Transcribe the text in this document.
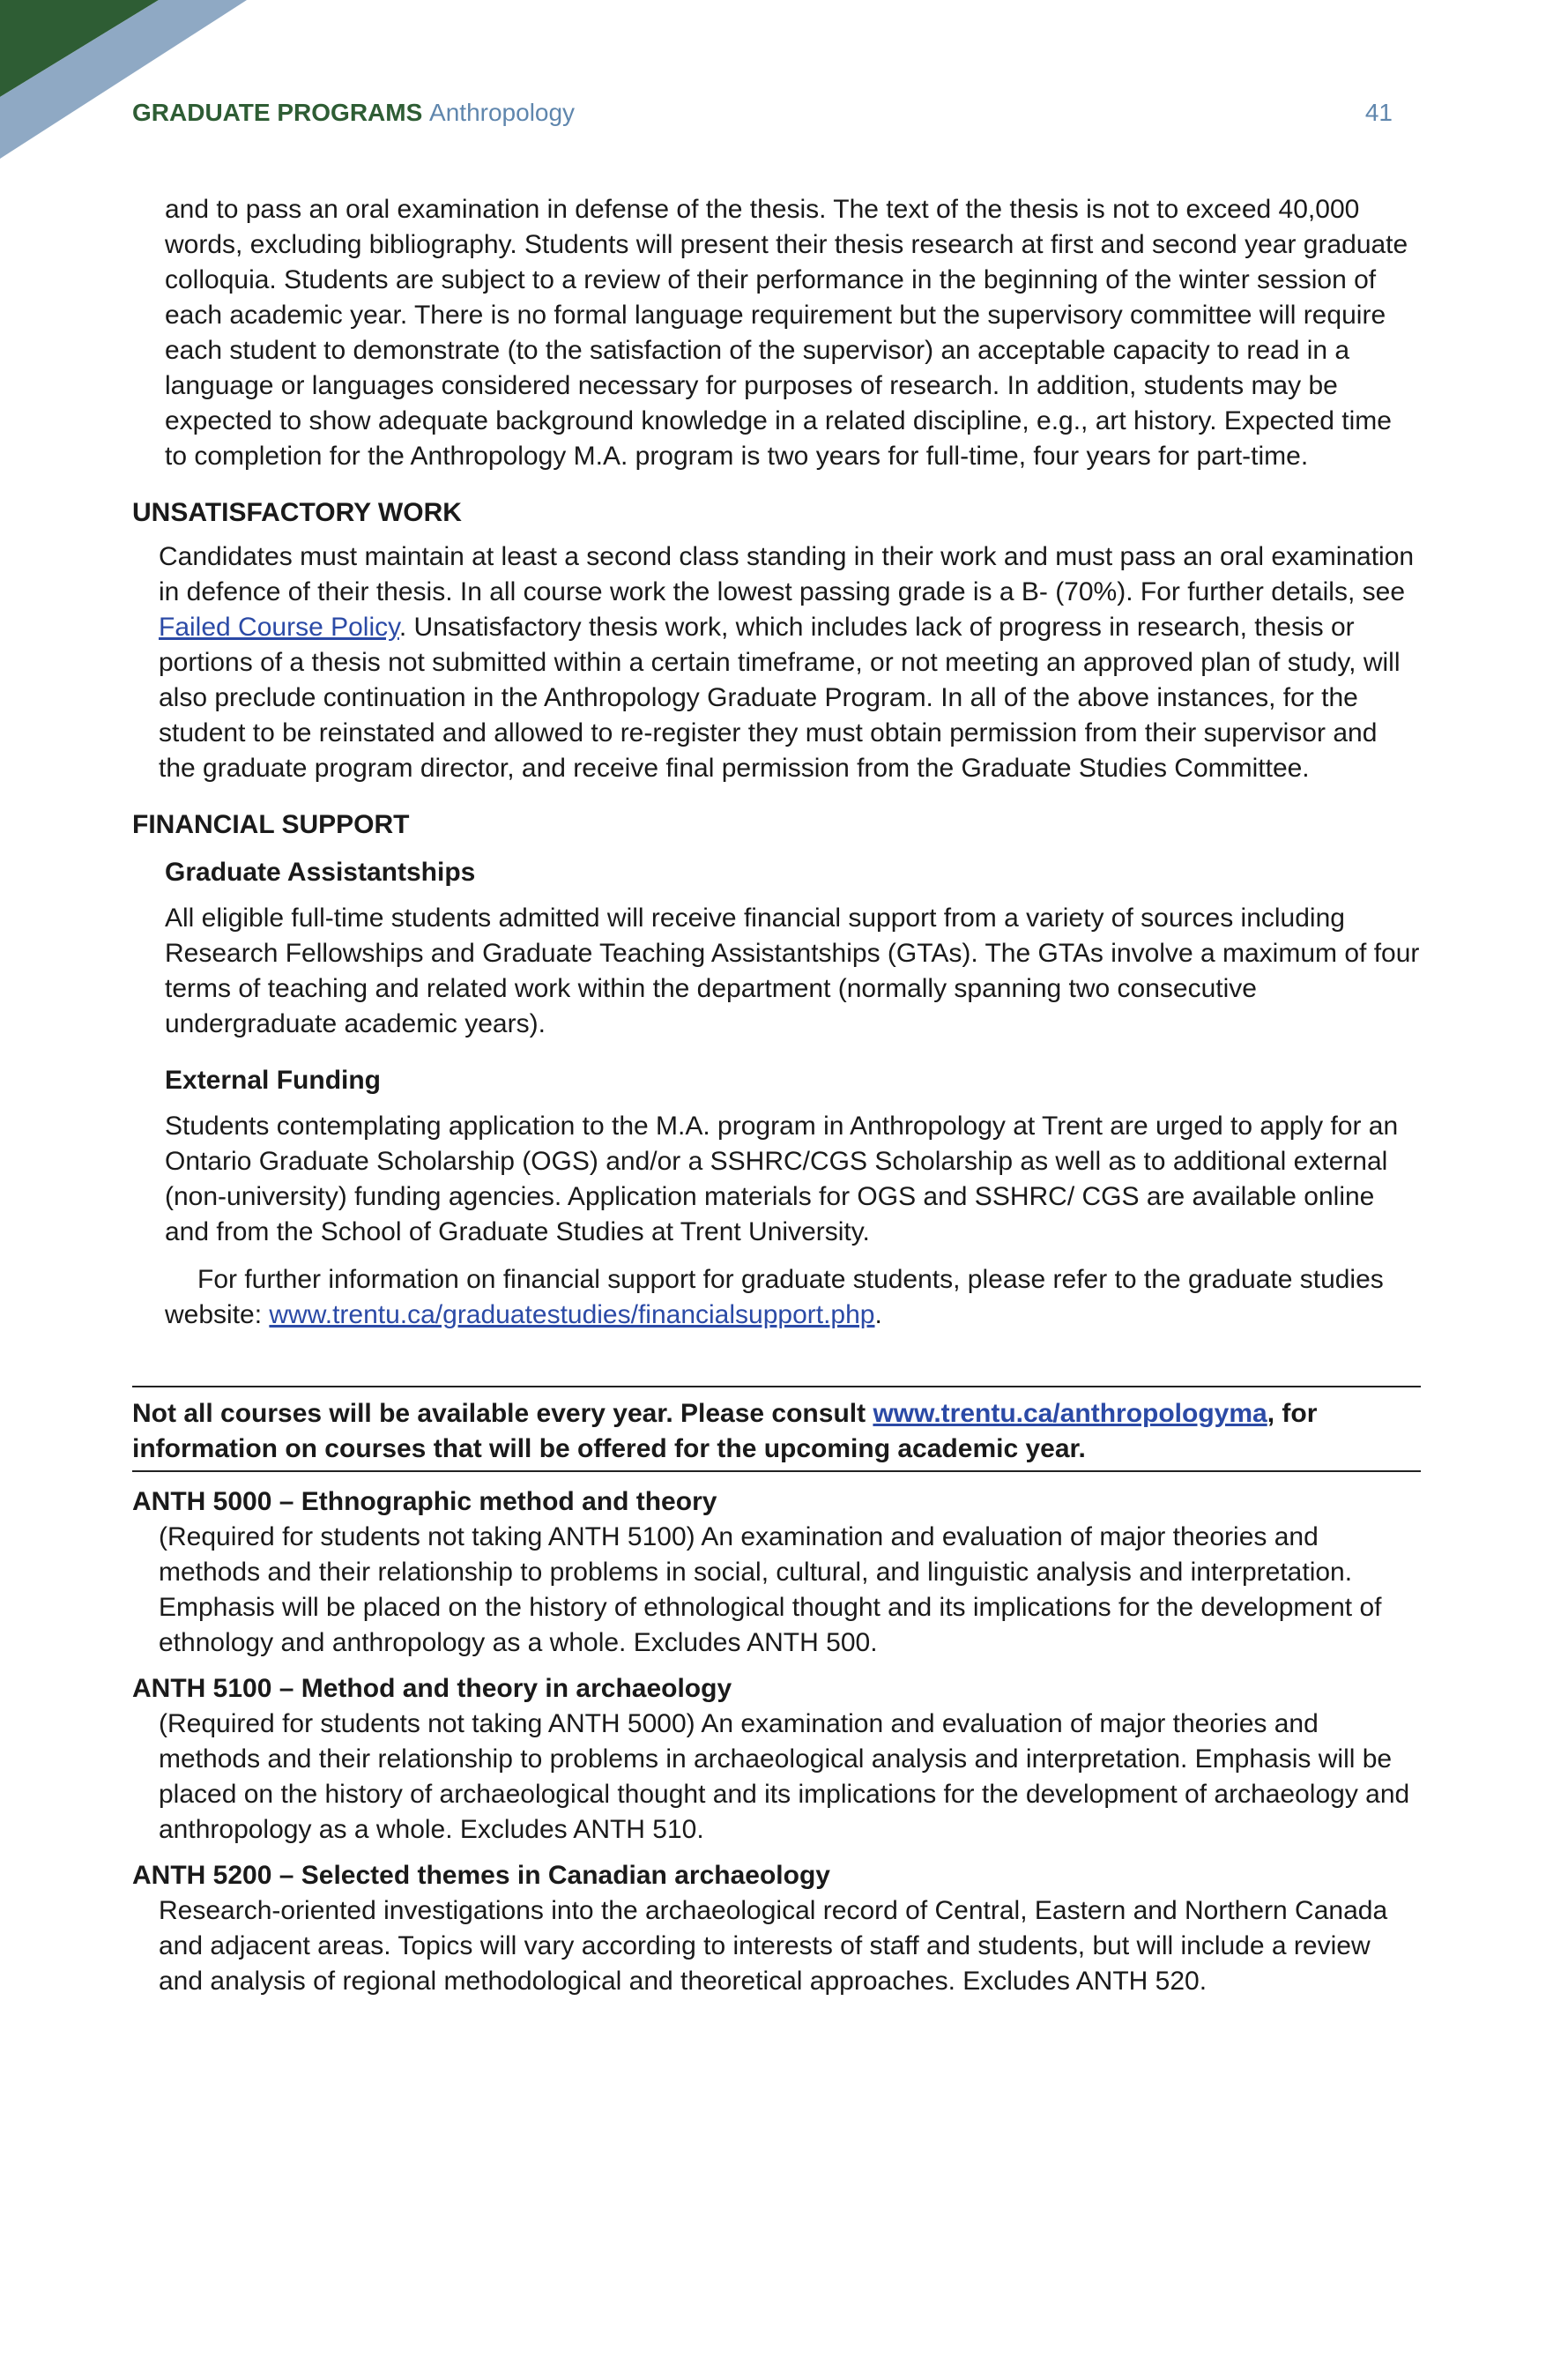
GRADUATE PROGRAMS Anthropology	41

and to pass an oral examination in defense of the thesis. The text of the thesis is not to exceed 40,000 words, excluding bibliography. Students will present their thesis research at first and second year graduate colloquia. Students are subject to a review of their performance in the beginning of the winter session of each academic year. There is no formal language requirement but the supervisory committee will require each student to demonstrate (to the satisfaction of the supervisor) an acceptable capacity to read in a language or languages considered necessary for purposes of research. In addition, students may be expected to show adequate background knowledge in a related discipline, e.g., art history. Expected time to completion for the Anthropology M.A. program is two years for full-time, four years for part-time.

UNSATISFACTORY WORK

Candidates must maintain at least a second class standing in their work and must pass an oral examination in defence of their thesis. In all course work the lowest passing grade is a B- (70%). For further details, see Failed Course Policy. Unsatisfactory thesis work, which includes lack of progress in research, thesis or portions of a thesis not submitted within a certain timeframe, or not meeting an approved plan of study, will also preclude continuation in the Anthropology Graduate Program. In all of the above instances, for the student to be reinstated and allowed to re-register they must obtain permission from their supervisor and the graduate program director, and receive final permission from the Graduate Studies Committee.

FINANCIAL SUPPORT
Graduate Assistantships

All eligible full-time students admitted will receive financial support from a variety of sources including Research Fellowships and Graduate Teaching Assistantships (GTAs). The GTAs involve a maximum of four terms of teaching and related work within the department (normally spanning two consecutive undergraduate academic years).

External Funding

Students contemplating application to the M.A. program in Anthropology at Trent are urged to apply for an Ontario Graduate Scholarship (OGS) and/or a SSHRC/CGS Scholarship as well as to additional external (non-university) funding agencies. Application materials for OGS and SSHRC/ CGS are available online and from the School of Graduate Studies at Trent University.

For further information on financial support for graduate students, please refer to the graduate studies website: www.trentu.ca/graduatestudies/financialsupport.php.

Not all courses will be available every year. Please consult www.trentu.ca/anthropologyma, for information on courses that will be offered for the upcoming academic year.
ANTH 5000 – Ethnographic method and theory

(Required for students not taking ANTH 5100) An examination and evaluation of major theories and methods and their relationship to problems in social, cultural, and linguistic analysis and interpretation. Emphasis will be placed on the history of ethnological thought and its implications for the development of ethnology and anthropology as a whole. Excludes ANTH 500.

ANTH 5100 – Method and theory in archaeology

(Required for students not taking ANTH 5000) An examination and evaluation of major theories and methods and their relationship to problems in archaeological analysis and interpretation. Emphasis will be placed on the history of archaeological thought and its implications for the development of archaeology and anthropology as a whole. Excludes ANTH 510.

ANTH 5200 – Selected themes in Canadian archaeology

Research-oriented investigations into the archaeological record of Central, Eastern and Northern Canada and adjacent areas. Topics will vary according to interests of staff and students, but will include a review and analysis of regional methodological and theoretical approaches. Excludes ANTH 520.
